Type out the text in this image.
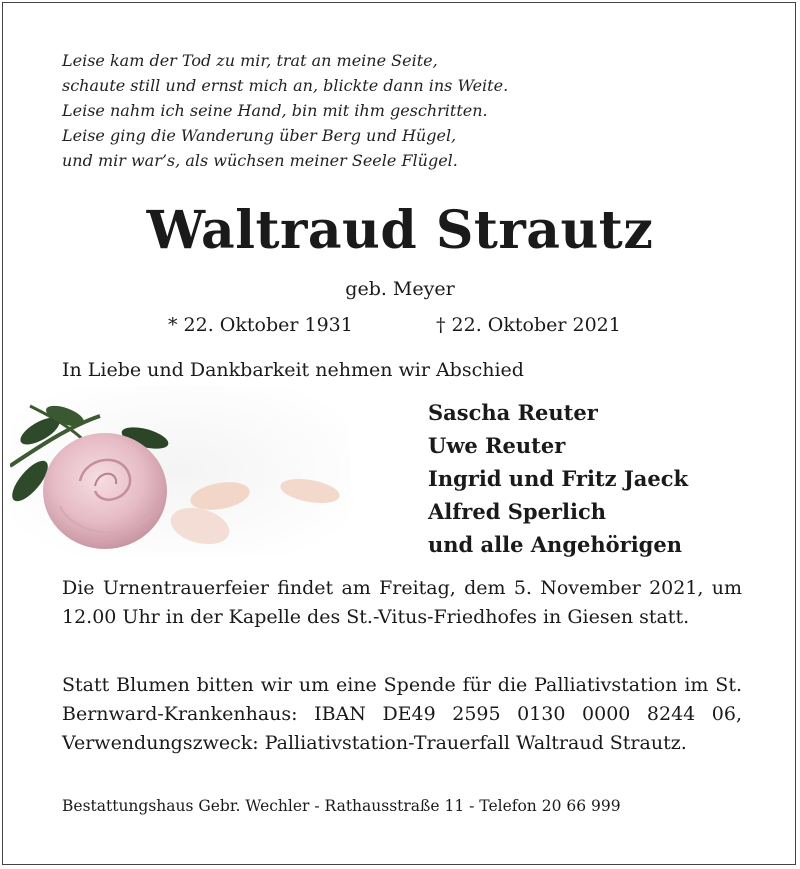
Leise kam der Tod zu mir, trat an meine Seite,
schaute still und ernst mich an, blickte dann ins Weite.
Leise nahm ich seine Hand, bin mit ihm geschritten.
Leise ging die Wanderung über Berg und Hügel,
und mir war’s, als wüchsen meiner Seele Flügel.
Waltraud Strautz
geb. Meyer
* 22. Oktober 1931	† 22. Oktober 2021
In Liebe und Dankbarkeit nehmen wir Abschied
Sascha Reuter
Uwe Reuter
Ingrid und Fritz Jaeck
Alfred Sperlich
und alle Angehörigen
Die Urnentrauerfeier findet am Freitag, dem 5. November 2021, um 12.00 Uhr in der Kapelle des St.-Vitus-Friedhofes in Giesen statt.
Statt Blumen bitten wir um eine Spende für die Palliativstation im St. Bernward-Krankenhaus: IBAN DE49 2595 0130 0000 8244 06, Verwendungszweck: Palliativstation-Trauerfall Waltraud Strautz.
Bestattungshaus Gebr. Wechler - Rathausstraße 11 - Telefon 20 66 999
